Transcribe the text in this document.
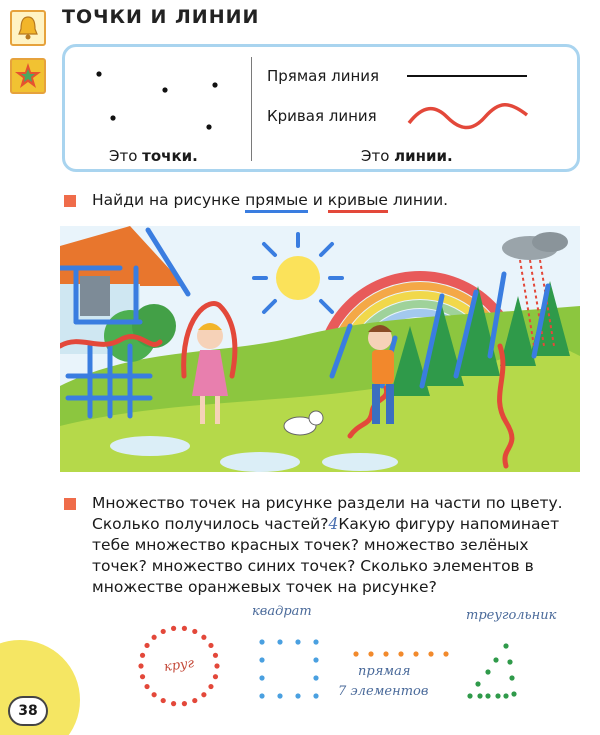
38
ТОЧКИ И ЛИНИИ
Это точки.
Прямая линия
Кривая линия
Это линии.
Найди на рисунке прямые и кривые линии.
Множество точек на рисунке раздели на части по цвету. Сколько получилось частей?4Какую фигуру напоминает тебе множество красных точек? множество зелёных точек? множество синих точек? Сколько элементов в множестве оранжевых точек на рисунке?
круг
квадрат
прямая
7 элементов
треугольник
